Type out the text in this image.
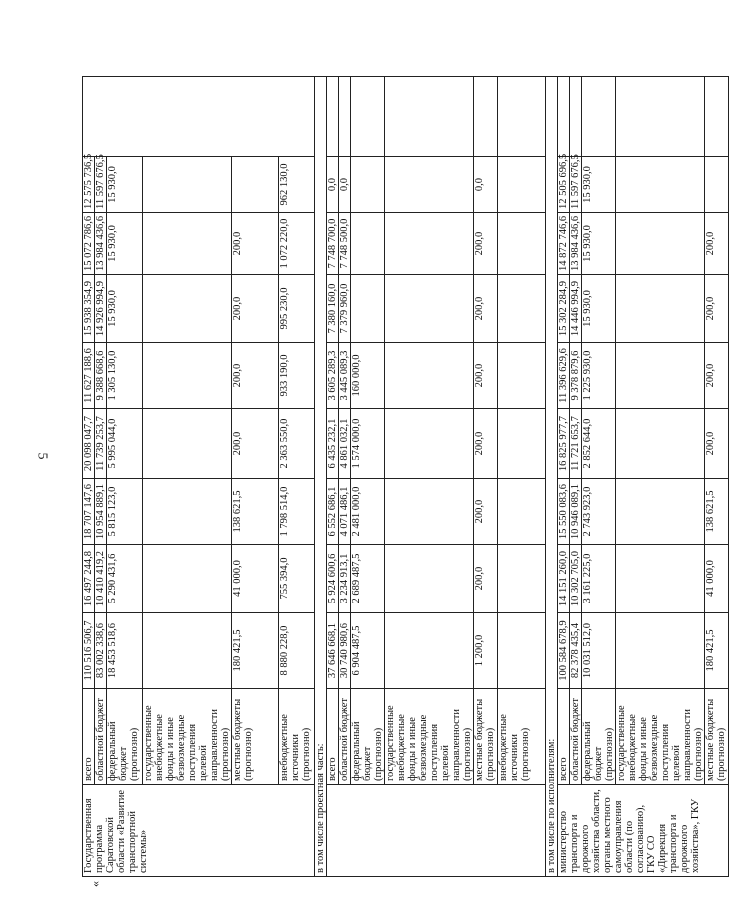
5
«
Государственная программа Саратовской области «Развитие транспортной системы»	всего	110 516 506,7	16 497 244,8	18 707 147,6	20 098 047,7	11 627 188,6	15 938 354,9	15 072 786,6	12 575 736,5	
	областной бюджет	83 002 338,6	10 410 419,2	10 954 889,1	11 739 253,7	9 388 668,6	14 926 994,9	13 984 436,6	11 597 676,5	
	федеральный бюджет (прогнозно)	18 453 518,6	5 290 431,6	5 815 123,0	5 995 044,0	1 305 130,0	15 930,0	15 930,0	15 930,0	
	государственные внебюджетные фонды и иные безвозмездные поступления целевой направленности (прогнозно)									
	местные бюджеты (прогнозно)	180 421,5	41 000,0	138 621,5	200,0	200,0	200,0	200,0		
	внебюджетные источники (прогнозно)	8 880 228,0	755 394,0	1 798 514,0	2 363 550,0	933 190,0	995 230,0	1 072 220,0	962 130,0	
в том числе проектная часть:										
	всего	37 646 668,1	5 924 600,6	6 552 686,1	6 435 232,1	3 605 289,3	7 380 160,0	7 748 700,0	0,0	
	областной бюджет	30 740 980,6	3 234 913,1	4 071 486,1	4 861 032,1	3 445 089,3	7 379 960,0	7 748 500,0	0,0	
	федеральный бюджет (прогнозно)	6 904 487,5	2 689 487,5	2 481 000,0	1 574 000,0	160 000,0				
	государственные внебюджетные фонды и иные безвозмездные поступления целевой направленности (прогнозно)									
	местные бюджеты (прогнозно)	1 200,0	200,0	200,0	200,0	200,0	200,0	200,0	0,0	
	внебюджетные источники (прогнозно)									
в том числе по исполнителям:										
министерство транспорта и дорожного хозяйства области, органы местного самоуправления области (по согласованию), ГКУ СО «Дирекция транспорта и дорожного хозяйства», ГКУ	всего	100 584 678,9	14 151 260,0	15 550 083,6	16 825 977,7	11 396 629,6	15 302 284,9	14 872 746,6	12 505 696,5	
	областной бюджет	82 378 435,4	10 302 705,0	10 946 089,1	11 721 653,7	9 378 879,6	14 446 994,9	13 984 436,6	11 597 676,5	
	федеральный бюджет (прогнозно)	10 031 512,0	3 161 225,0	2 743 923,0	2 852 644,0	1 225 930,0	15 930,0	15 930,0	15 930,0	
	государственные внебюджетные фонды и иные безвозмездные поступления целевой направленности (прогнозно)									
	местные бюджеты (прогнозно)	180 421,5	41 000,0	138 621,5	200,0	200,0	200,0	200,0		
